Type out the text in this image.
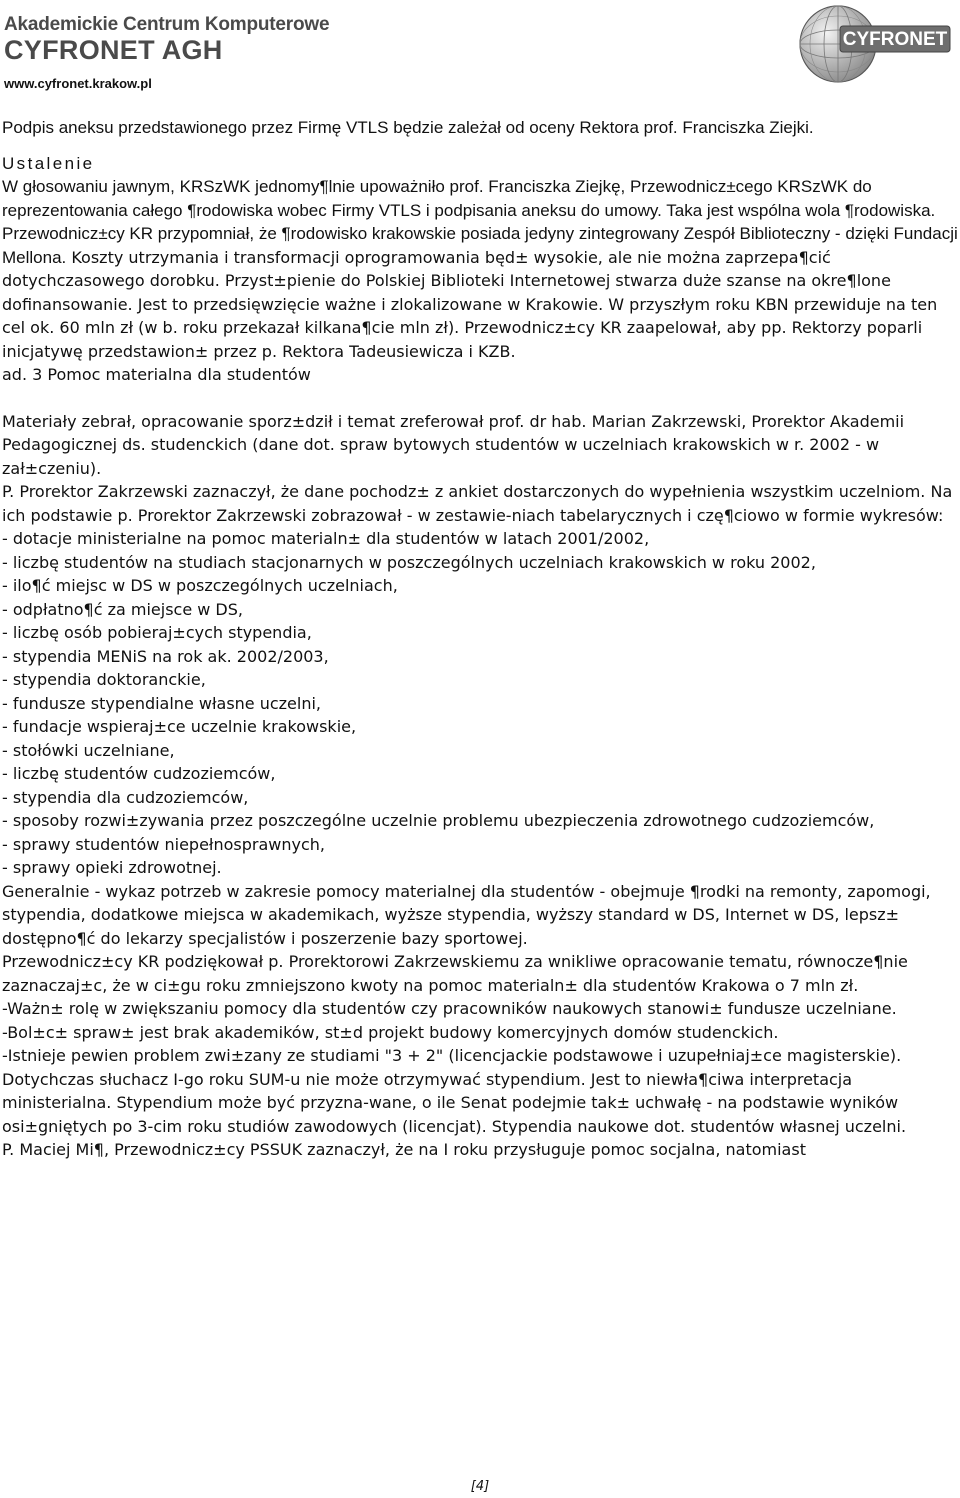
Akademickie Centrum Komputerowe
CYFRONET AGH
www.cyfronet.krakow.pl
CYFRONET

Podpis aneksu przedstawionego przez Firmę VTLS będzie zależał od oceny Rektora prof. Franciszka Ziejki.

Ustalenie

W głosowaniu jawnym, KRSzWK jednomy¶lnie upoważniło prof. Franciszka Ziejkę, Przewodnicz±cego KRSzWK do reprezentowania całego ¶rodowiska wobec Firmy VTLS i podpisania aneksu do umowy. Taka jest wspólna wola ¶rodowiska.

Przewodnicz±cy KR przypomniał, że ¶rodowisko krakowskie posiada jedyny zintegrowany Zespół Biblioteczny - dzięki Fundacji Mellona. Koszty utrzymania i transformacji oprogramowania będ± wysokie, ale nie można zaprzepa¶cić dotychczasowego dorobku. Przyst±pienie do Polskiej Biblioteki Internetowej stwarza duże szanse na okre¶lone dofinansowanie. Jest to przedsięwzięcie ważne i zlokalizowane w Krakowie. W przyszłym roku KBN przewiduje na ten cel ok. 60 mln zł (w b. roku przekazał kilkana¶cie mln zł). Przewodnicz±cy KR zaapelował, aby pp. Rektorzy poparli inicjatywę przedstawion± przez p. Rektora Tadeusiewicza i KZB.

ad. 3 Pomoc materialna dla studentów

Materiały zebrał, opracowanie sporz±dził i temat zreferował prof. dr hab. Marian Zakrzewski, Prorektor Akademii Pedagogicznej ds. studenckich (dane dot. spraw bytowych studentów w uczelniach krakowskich w r. 2002 - w zał±czeniu).

P. Prorektor Zakrzewski zaznaczył, że dane pochodz± z ankiet dostarczonych do wypełnienia wszystkim uczelniom. Na ich podstawie p. Prorektor Zakrzewski zobrazował - w zestawie-niach tabelarycznych i czę¶ciowo w formie wykresów:

- dotacje ministerialne na pomoc materialn± dla studentów w latach 2001/2002,

- liczbę studentów na studiach stacjonarnych w poszczególnych uczelniach krakowskich w roku 2002,

- ilo¶ć miejsc w DS w poszczególnych uczelniach,

- odpłatno¶ć za miejsce w DS,

- liczbę osób pobieraj±cych stypendia,

- stypendia MENiS na rok ak. 2002/2003,

- stypendia doktoranckie,

- fundusze stypendialne własne uczelni,

- fundacje wspieraj±ce uczelnie krakowskie,

- stołówki uczelniane,

- liczbę studentów cudzoziemców,

- stypendia dla cudzoziemców,

- sposoby rozwi±zywania przez poszczególne uczelnie problemu ubezpieczenia zdrowotnego cudzoziemców,

- sprawy studentów niepełnosprawnych,

- sprawy opieki zdrowotnej.

Generalnie - wykaz potrzeb w zakresie pomocy materialnej dla studentów - obejmuje ¶rodki na remonty, zapomogi, stypendia, dodatkowe miejsca w akademikach, wyższe stypendia, wyższy standard w DS, Internet w DS, lepsz± dostępno¶ć do lekarzy specjalistów i poszerzenie bazy sportowej.

Przewodnicz±cy KR podziękował p. Prorektorowi Zakrzewskiemu za wnikliwe opracowanie tematu, równocze¶nie zaznaczaj±c, że w ci±gu roku zmniejszono kwoty na pomoc materialn± dla studentów Krakowa o 7 mln zł.

-Ważn± rolę w zwiększaniu pomocy dla studentów czy pracowników naukowych stanowi± fundusze uczelniane.

-Bol±c± spraw± jest brak akademików, st±d projekt budowy komercyjnych domów studenckich.

-Istnieje pewien problem zwi±zany ze studiami "3 + 2" (licencjackie podstawowe i uzupełniaj±ce magisterskie). Dotychczas słuchacz I-go roku SUM-u nie może otrzymywać stypendium. Jest to niewła¶ciwa interpretacja ministerialna. Stypendium może być przyzna-wane, o ile Senat podejmie tak± uchwałę - na podstawie wyników osi±gniętych po 3-cim roku studiów zawodowych (licencjat). Stypendia naukowe dot. studentów własnej uczelni.

P. Maciej Mi¶, Przewodnicz±cy PSSUK zaznaczył, że na I roku przysługuje pomoc socjalna, natomiast

[4]
